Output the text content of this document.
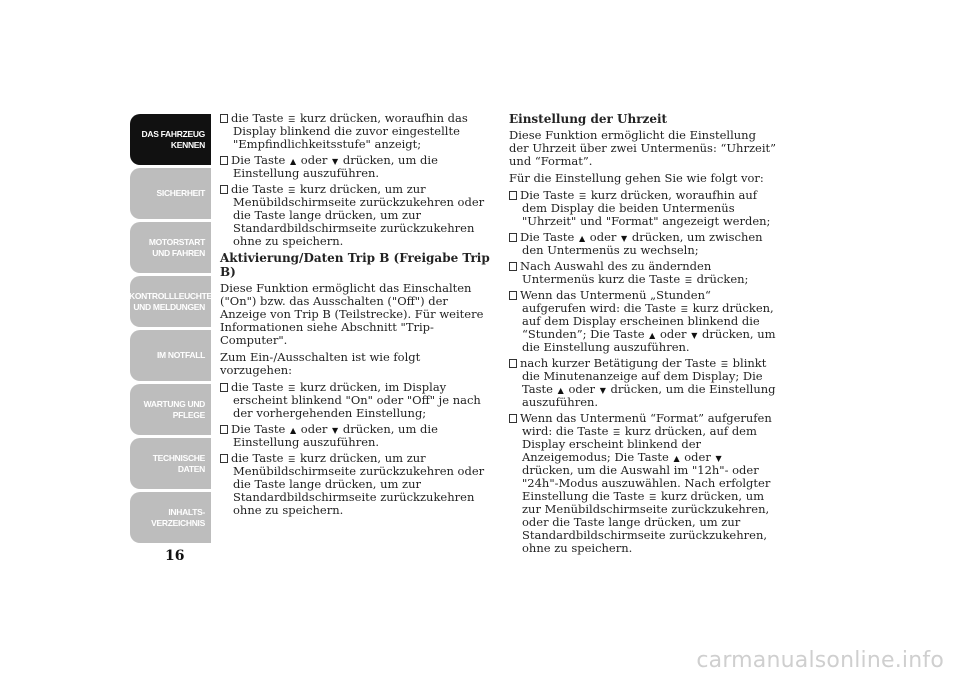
DAS FAHRZEUG KENNEN
SICHERHEIT
MOTORSTART UND FAHREN
KONTROLLLEUCHTEN UND MELDUNGEN
IM NOTFALL
WARTUNG UND PFLEGE
TECHNISCHE DATEN
INHALTS-VERZEICHNIS
16

die Taste ☰ kurz drücken, woraufhin das Display blinkend die zuvor eingestellte "Empfindlichkeitsstufe" anzeigt;

Die Taste ▲ oder ▼ drücken, um die Einstellung auszuführen.

die Taste ☰ kurz drücken, um zur Menübildschirmseite zurückzukehren oder die Taste lange drücken, um zur Standardbildschirmseite zurückzukehren ohne zu speichern.

Aktivierung/Daten Trip B (Freigabe Trip B)

Diese Funktion ermöglicht das Einschalten ("On") bzw. das Ausschalten ("Off") der Anzeige von Trip B (Teilstrecke). Für weitere Informationen siehe Abschnitt "Trip-Computer".

Zum Ein-/Ausschalten ist wie folgt vorzugehen:

die Taste ☰ kurz drücken, im Display erscheint blinkend "On" oder "Off" je nach der vorhergehenden Einstellung;

Die Taste ▲ oder ▼ drücken, um die Einstellung auszuführen.

die Taste ☰ kurz drücken, um zur Menübildschirmseite zurückzukehren oder die Taste lange drücken, um zur Standardbildschirmseite zurückzukehren ohne zu speichern.

Einstellung der Uhrzeit

Diese Funktion ermöglicht die Einstellung der Uhrzeit über zwei Untermenüs: “Uhrzeit” und “Format”.

Für die Einstellung gehen Sie wie folgt vor:

Die Taste ☰ kurz drücken, woraufhin auf dem Display die beiden Untermenüs "Uhrzeit" und "Format" angezeigt werden;

Die Taste ▲ oder ▼ drücken, um zwischen den Untermenüs zu wechseln;

Nach Auswahl des zu ändernden Untermenüs kurz die Taste ☰ drücken;

Wenn das Untermenü „Stunden“ aufgerufen wird: die Taste ☰ kurz drücken, auf dem Display erscheinen blinkend die “Stunden”; Die Taste ▲ oder ▼ drücken, um die Einstellung auszuführen.

nach kurzer Betätigung der Taste ☰ blinkt die Minutenanzeige auf dem Display; Die Taste ▲ oder ▼ drücken, um die Einstellung auszuführen.

Wenn das Untermenü “Format” aufgerufen wird: die Taste ☰ kurz drücken, auf dem Display erscheint blinkend der Anzeigemodus; Die Taste ▲ oder ▼ drücken, um die Auswahl im "12h"- oder "24h"-Modus auszuwählen. Nach erfolgter Einstellung die Taste ☰ kurz drücken, um zur Menübildschirmseite zurückzukehren, oder die Taste lange drücken, um zur Standardbildschirmseite zurückzukehren, ohne zu speichern.

carmanualsonline.info
